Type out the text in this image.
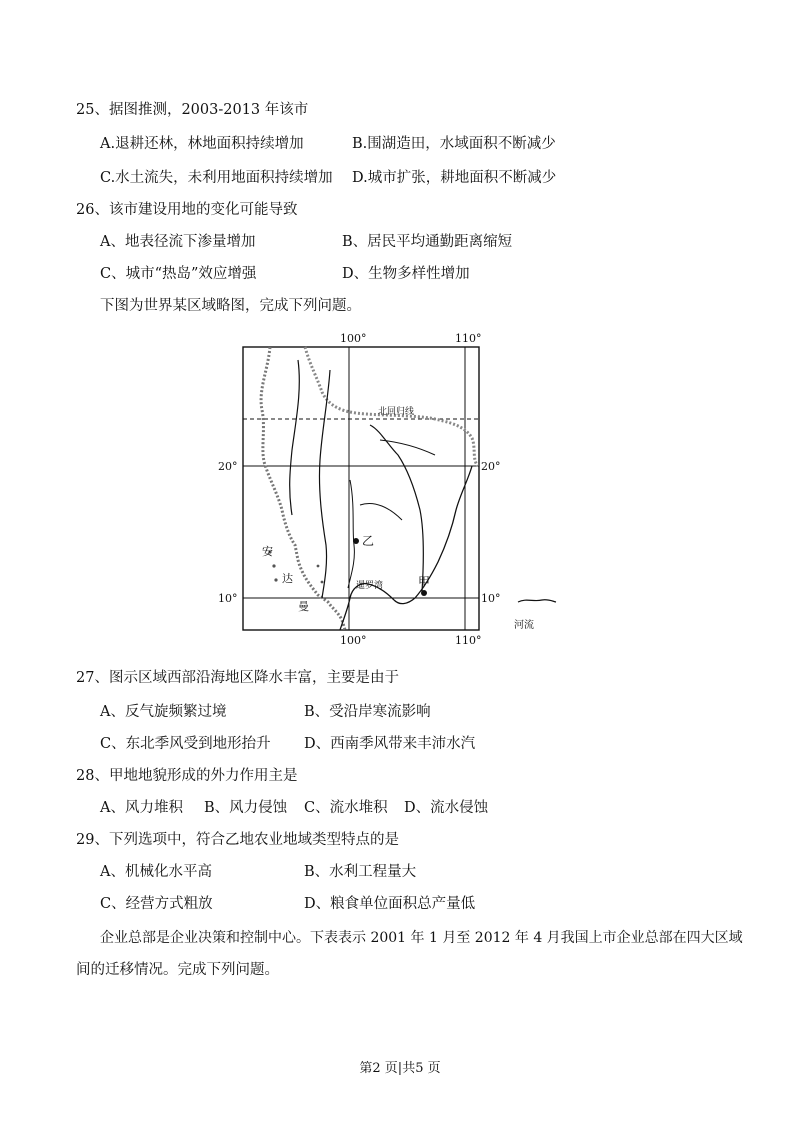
25、据图推测，2003-2013 年该市
A.退耕还林，林地面积持续增加	B.围湖造田，水域面积不断减少
C.水土流失，未利用地面积持续增加 D.城市扩张，耕地面积不断减少
26、该市建设用地的变化可能导致
A、地表径流下渗量增加	B、居民平均通勤距离缩短
C、城市“热岛”效应增强	D、生物多样性增加
下图为世界某区域略图，完成下列问题。
100°	110°
100°	110°
20°	20°
10°	10°
北回归线
乙
甲
安
达
曼
暹罗湾
河流
27、图示区域西部沿海地区降水丰富，主要是由于
A、反气旋频繁过境	B、受沿岸寒流影响
C、东北季风受到地形抬升 D、西南季风带来丰沛水汽
28、甲地地貌形成的外力作用主是
A、风力堆积 B、风力侵蚀 C、流水堆积 D、流水侵蚀
29、下列选项中，符合乙地农业地域类型特点的是
A、机械化水平高	B、水利工程量大
C、经营方式粗放	D、粮食单位面积总产量低
企业总部是企业决策和控制中心。下表表示 2001 年 1 月至 2012 年 4 月我国上市企业总部在四大区域
间的迁移情况。完成下列问题。
第2 页|共5 页
